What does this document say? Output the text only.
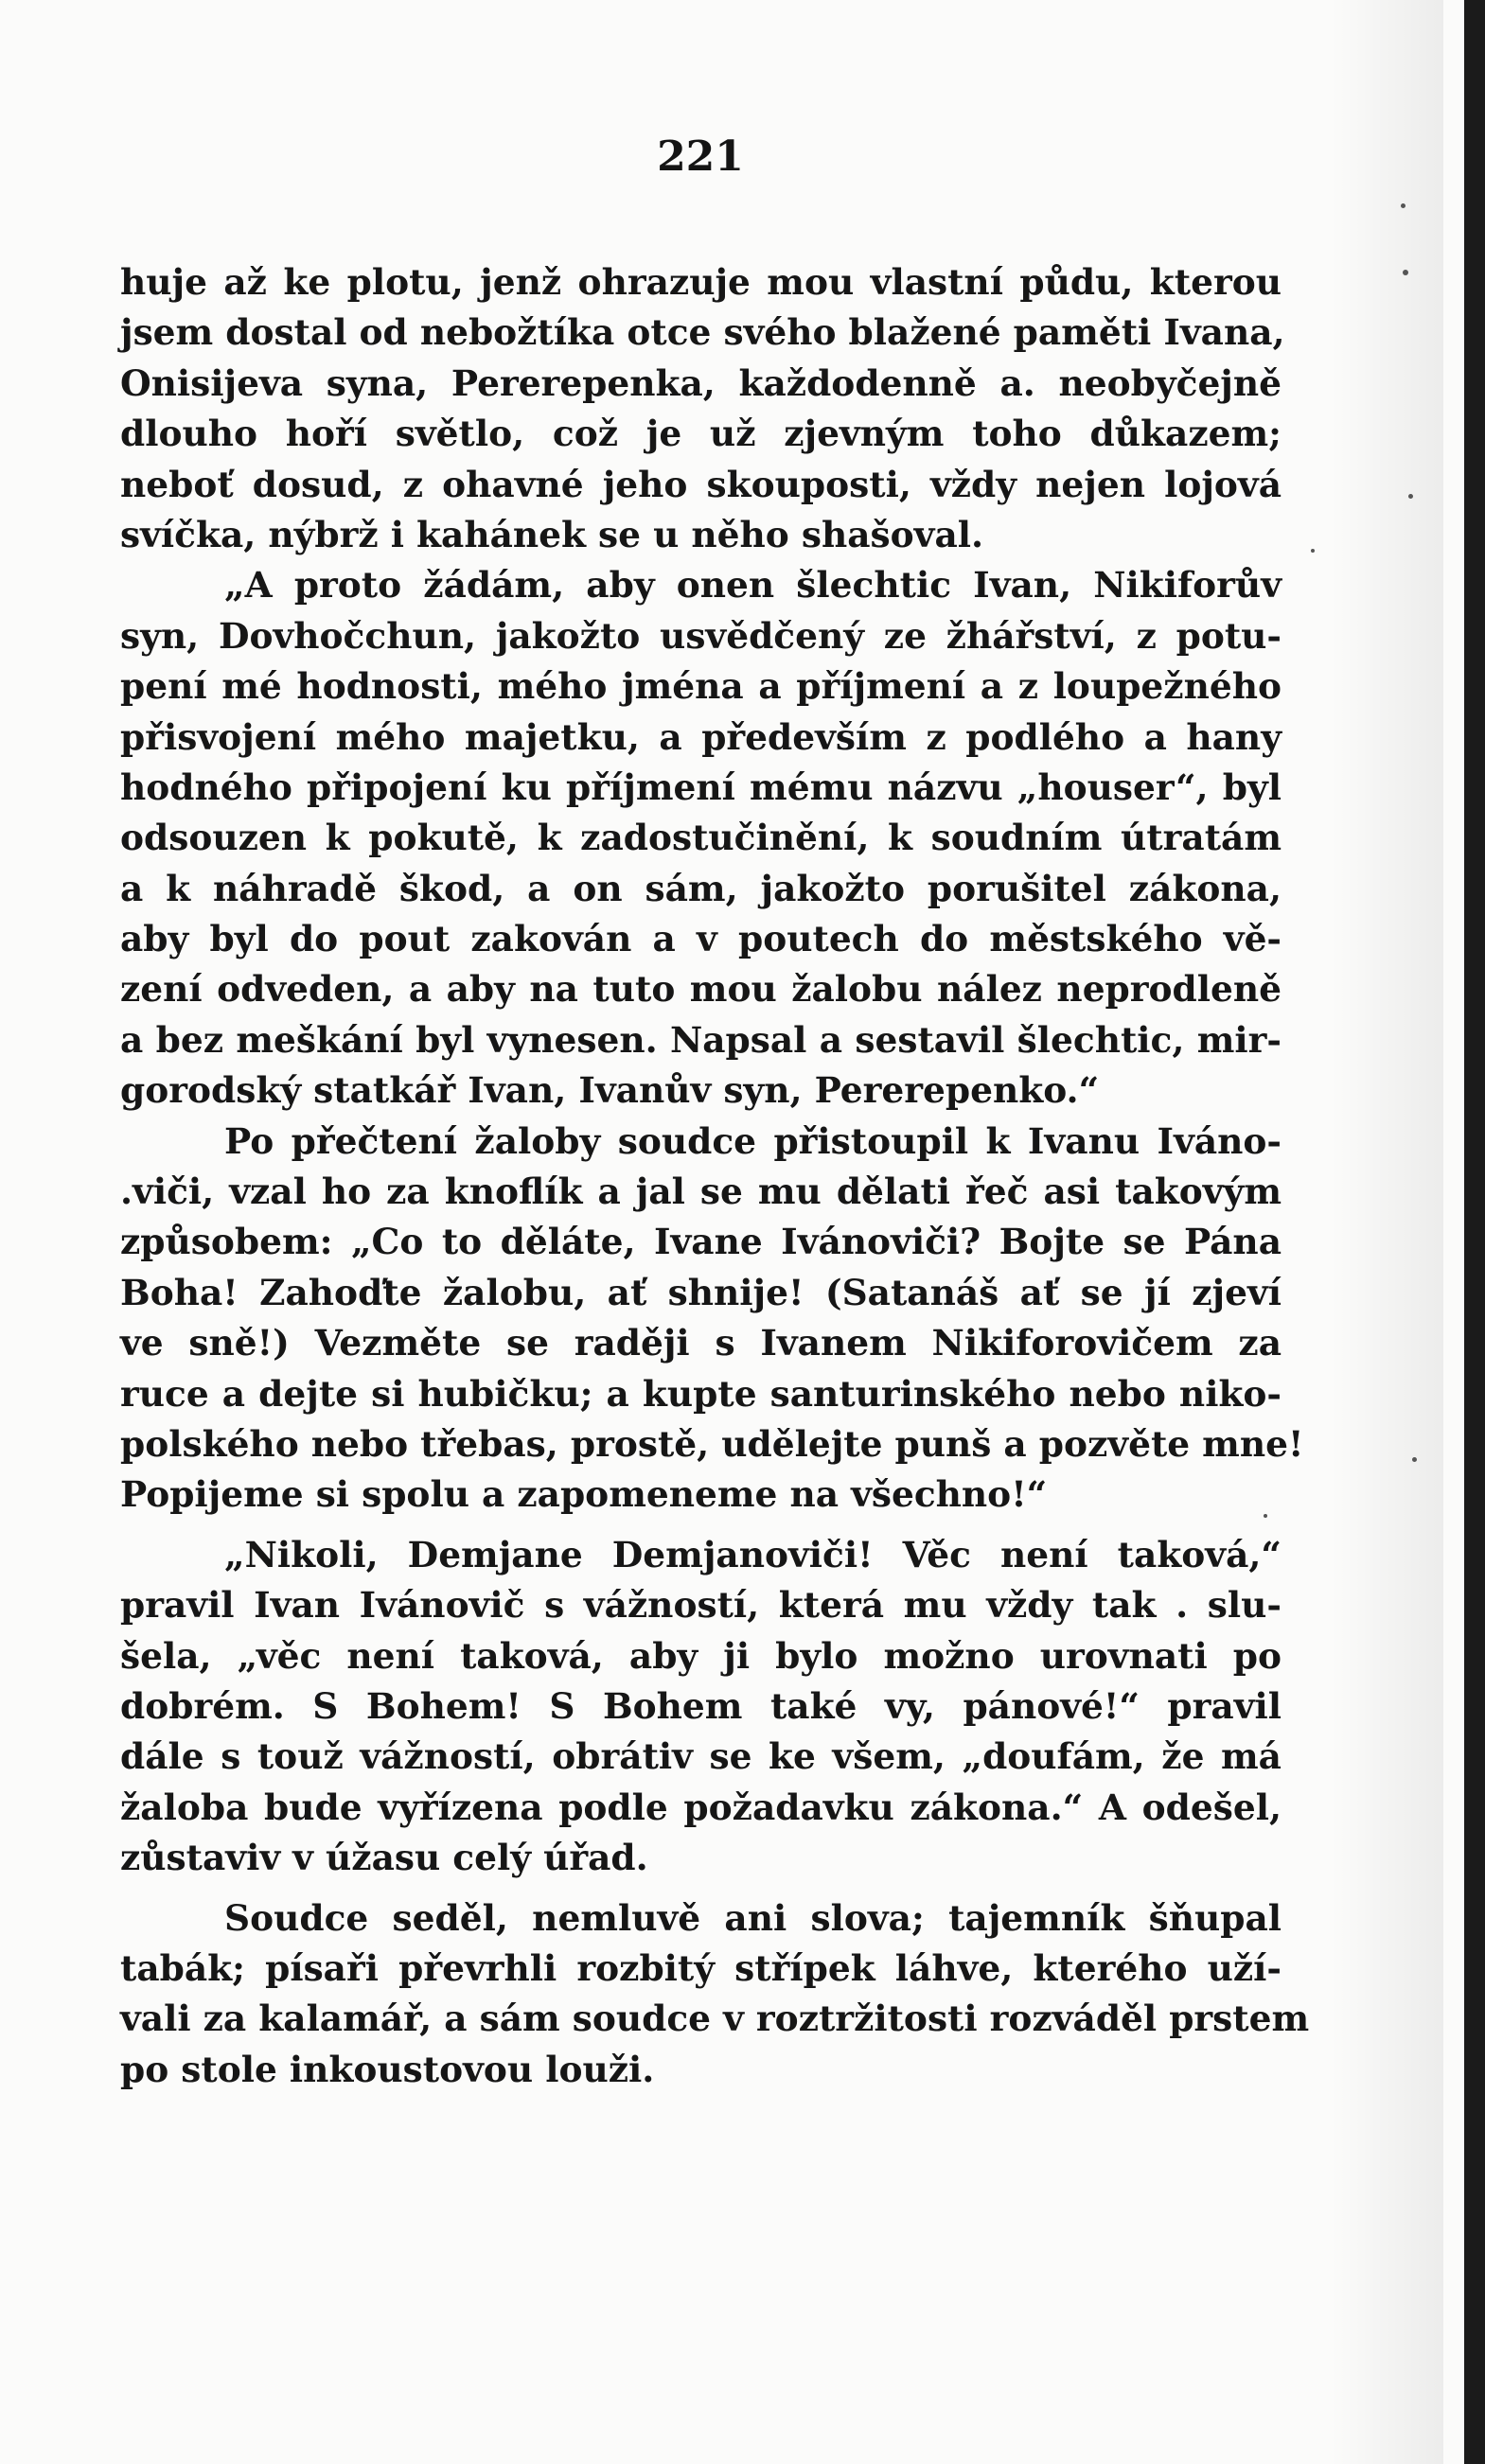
221
huje až ke plotu, jenž ohrazuje mou vlastní půdu, kterou
jsem dostal od nebožtíka otce svého blažené paměti Ivana,
Onisijeva syna, Pererepenka, každodenně a. neobyčejně
dlouho hoří světlo, což je už zjevným toho důkazem;
neboť dosud, z ohavné jeho skouposti, vždy nejen lojová
svíčka, nýbrž i kahánek se u něho shašoval.
„A proto žádám, aby onen šlechtic Ivan, Nikiforův
syn, Dovhočchun, jakožto usvědčený ze žhářství, z potu-
pení mé hodnosti, mého jména a příjmení a z loupežného
přisvojení mého majetku, a především z podlého a hany
hodného připojení ku příjmení mému názvu „houser“, byl
odsouzen k pokutě, k zadostučinění, k soudním útratám
a k náhradě škod, a on sám, jakožto porušitel zákona,
aby byl do pout zakován a v poutech do městského vě-
zení odveden, a aby na tuto mou žalobu nález neprodleně
a bez meškání byl vynesen. Napsal a sestavil šlechtic, mir-
gorodský statkář Ivan, Ivanův syn, Pererepenko.“
Po přečtení žaloby soudce přistoupil k Ivanu Iváno-
.viči, vzal ho za knoflík a jal se mu dělati řeč asi takovým
způsobem: „Co to děláte, Ivane Ivánoviči? Bojte se Pána
Boha! Zahoďte žalobu, ať shnije! (Satanáš ať se jí zjeví
ve sně!) Vezměte se raději s Ivanem Nikiforovičem za
ruce a dejte si hubičku; a kupte santurinského nebo niko-
polského nebo třebas, prostě, udělejte punš a pozvěte mne!
Popijeme si spolu a zapomeneme na všechno!“
„Nikoli, Demjane Demjanoviči! Věc není taková,“
pravil Ivan Ivánovič s vážností, která mu vždy tak . slu-
šela, „věc není taková, aby ji bylo možno urovnati po
dobrém. S Bohem! S Bohem také vy, pánové!“ pravil
dále s touž vážností, obrátiv se ke všem, „doufám, že má
žaloba bude vyřízena podle požadavku zákona.“ A odešel,
zůstaviv v úžasu celý úřad.
Soudce seděl, nemluvě ani slova; tajemník šňupal
tabák; písaři převrhli rozbitý střípek láhve, kterého uží-
vali za kalamář, a sám soudce v roztržitosti rozváděl prstem
po stole inkoustovou louži.
